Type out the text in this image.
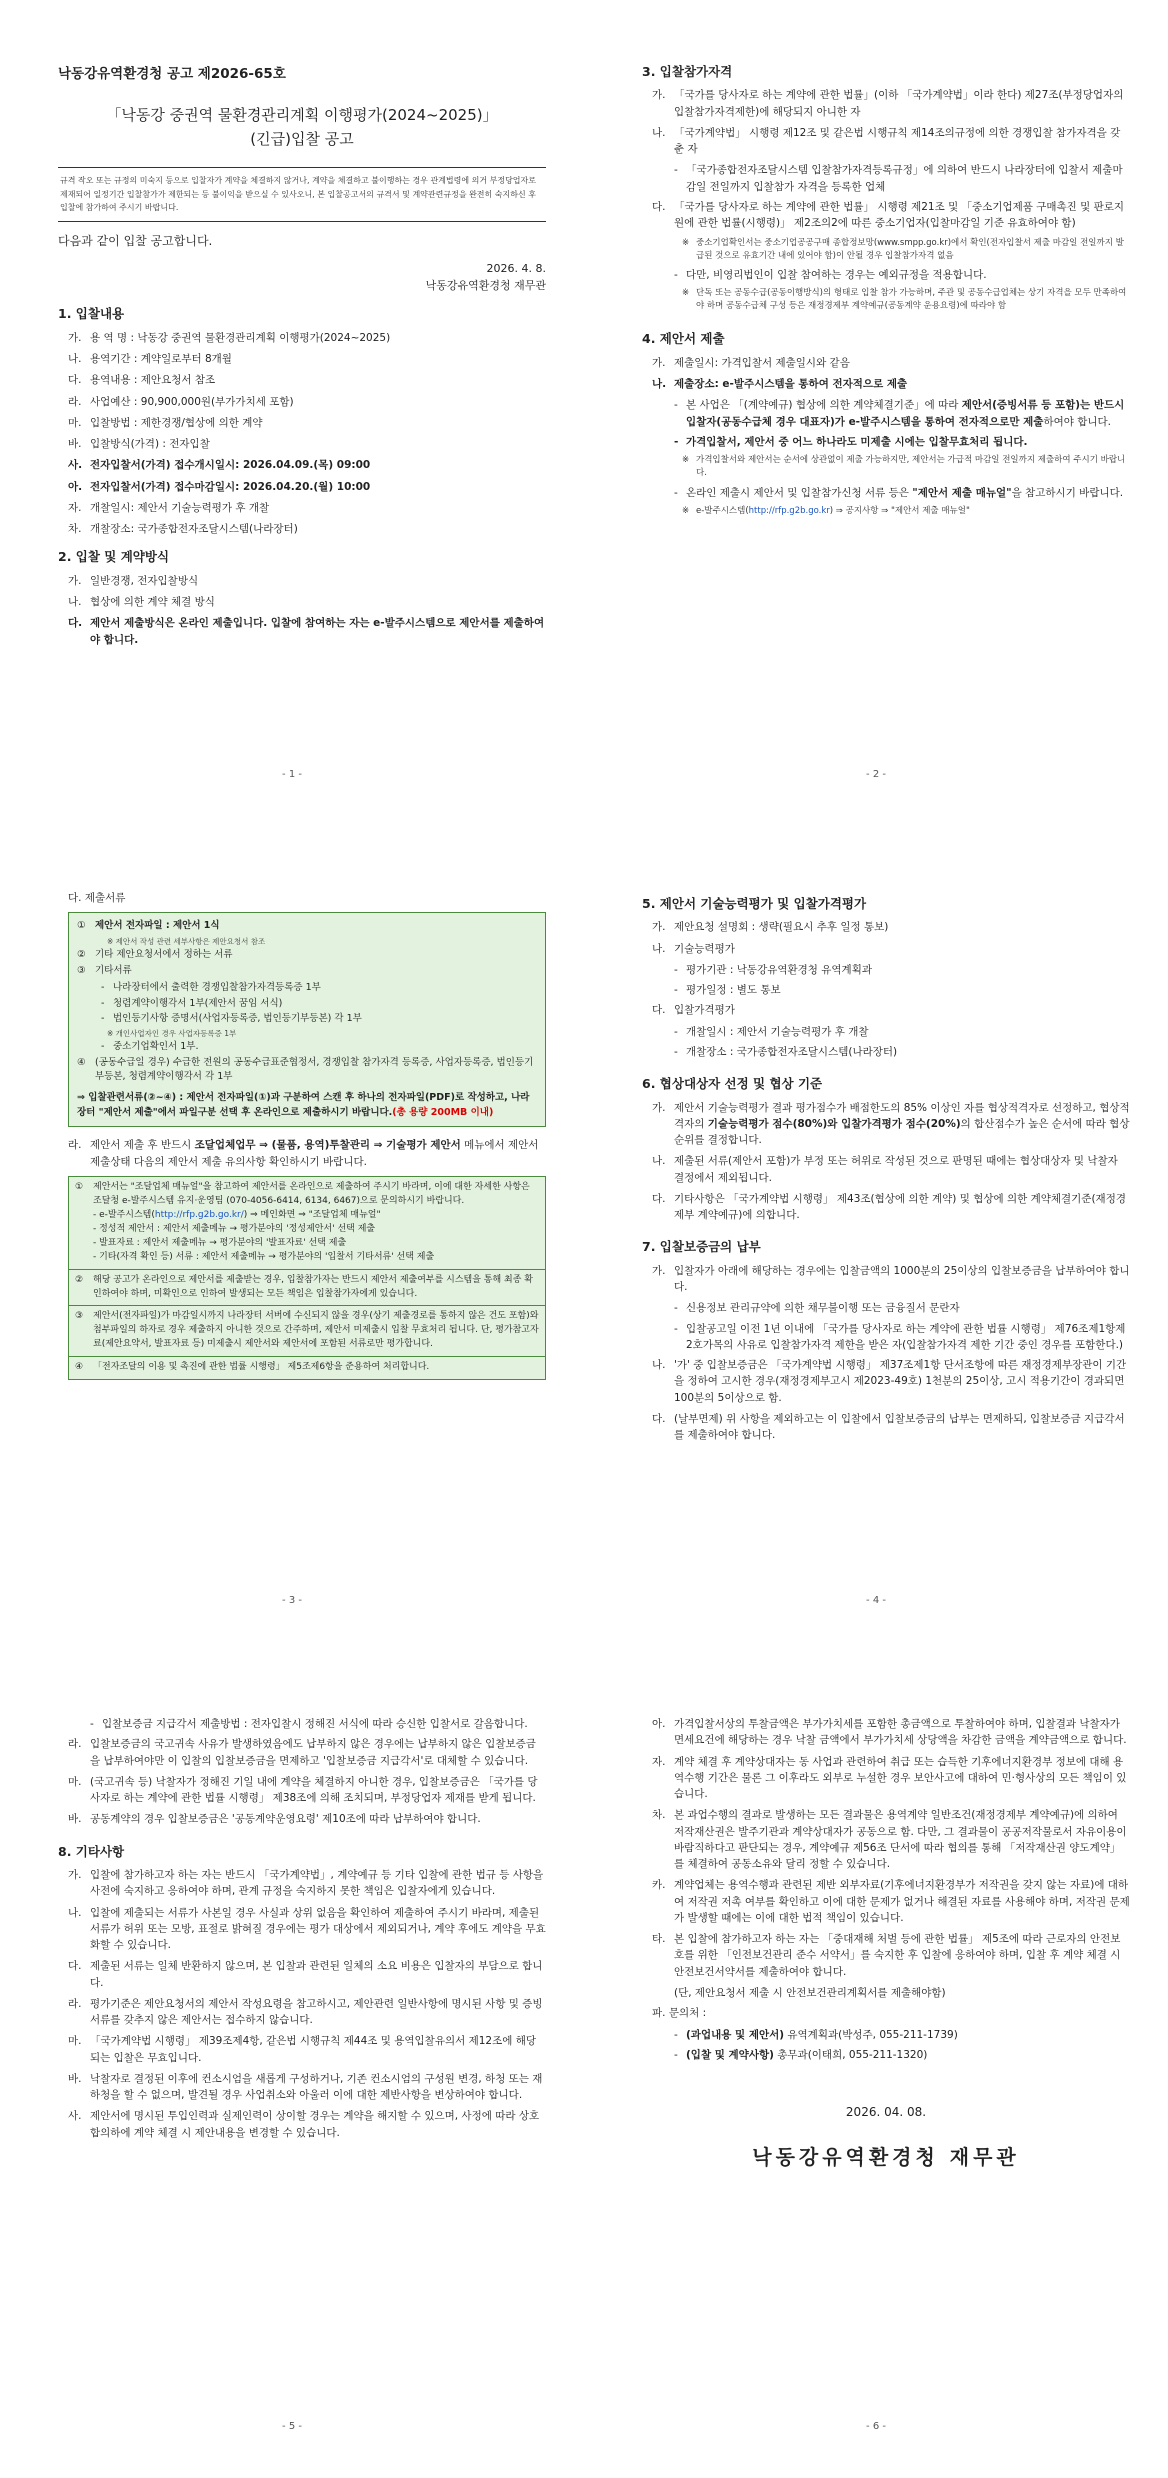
낙동강유역환경청 공고 제2026-65호
「낙동강 중권역 물환경관리계획 이행평가(2024~2025)」
(긴급)입찰 공고
규격 작오 또는 규정의 미숙지 등으로 입찰자가 계약을 체결하지 않거나, 계약을 체결하고 불이행하는 경우 관계법령에 의거 부정당업자로 제재되어 일정기간 입찰참가가 제한되는 등 불이익을 받으실 수 있사오니, 본 입찰공고서의 규격서 및 계약관련규정을 완전히 숙지하신 후 입찰에 참가하여 주시기 바랍니다.
다음과 같이 입찰 공고합니다.
2026. 4. 8.
낙동강유역환경청 재무관
1. 입찰내용
가. 용 역 명 : 낙동강 중권역 물환경관리계획 이행평가(2024~2025)
나. 용역기간 : 계약일로부터 8개월
다. 용역내용 : 제안요청서 참조
라. 사업예산 : 90,900,000원(부가가치세 포함)
마. 입찰방법 : 제한경쟁/협상에 의한 계약
바. 입찰방식(가격) : 전자입찰
사. 전자입찰서(가격) 접수개시일시: 2026.04.09.(목) 09:00
아. 전자입찰서(가격) 접수마감일시: 2026.04.20.(월) 10:00
자. 개찰일시: 제안서 기술능력평가 후 개찰
차. 개찰장소: 국가종합전자조달시스템(나라장터)
2. 입찰 및 계약방식
가. 일반경쟁, 전자입찰방식
나. 협상에 의한 계약 체결 방식
다. 제안서 제출방식은 온라인 제출입니다. 입찰에 참여하는 자는 e-발주시스템으로 제안서를 제출하여야 합니다.
- 1 -
3. 입찰참가자격
가. 「국가를 당사자로 하는 계약에 관한 법률」(이하 「국가계약법」이라 한다) 제27조(부정당업자의 입찰참가자격제한)에 해당되지 아니한 자
나. 「국가계약법」 시행령 제12조 및 같은법 시행규칙 제14조의규정에 의한 경쟁입찰 참가자격을 갖춘 자
- 「국가종합전자조달시스템 입찰참가자격등록규정」에 의하여 반드시 나라장터에 입찰서 제출마감일 전일까지 입찰참가 자격을 등록한 업체
다. 「국가를 당사자로 하는 계약에 관한 법률」 시행령 제21조 및 「중소기업제품 구매촉진 및 판로지원에 관한 법률(시행령)」 제2조의2에 따른 중소기업자(입찰마감일 기준 유효하여야 함)
※ 중소기업확인서는 중소기업공공구매 종합정보망(www.smpp.go.kr)에서 확인(전자입찰서 제출 마감일 전일까지 발급된 것으로 유효기간 내에 있어야 함)이 안될 경우 입찰참가자격 없음
- 다만, 비영리법인이 입찰 참여하는 경우는 예외규정을 적용합니다.
※ 단독 또는 공동수급(공동이행방식)의 형태로 입찰 참가 가능하며, 주관 및 공동수급업체는 상기 자격을 모두 만족하여야 하며 공동수급체 구성 등은 재정경제부 계약예규(공동계약 운용요령)에 따라야 함
4. 제안서 제출
가. 제출일시: 가격입찰서 제출일시와 같음
나. 제출장소: e-발주시스템을 통하여 전자적으로 제출
- 본 사업은 「(계약예규) 협상에 의한 계약체결기준」에 따라 제안서(증빙서류 등 포함)는 반드시 입찰자(공동수급체 경우 대표자)가 e-발주시스템을 통하여 전자적으로만 제출하여야 합니다.
- 가격입찰서, 제안서 중 어느 하나라도 미제출 시에는 입찰무효처리 됩니다.
※ 가격입찰서와 제안서는 순서에 상관없이 제출 가능하지만, 제안서는 가급적 마감일 전일까지 제출하여 주시기 바랍니다.
- 온라인 제출시 제안서 및 입찰참가신청 서류 등은 "제안서 제출 매뉴얼"을 참고하시기 바랍니다.
※ e-발주시스템(http://rfp.g2b.go.kr) ⇒ 공지사항 ⇒ "제안서 제출 매뉴얼"
- 2 -
다. 제출서류
① 제안서 전자파일 : 제안서 1식
※ 제안서 작성 관련 세부사항은 제안요청서 참조
② 기타 제안요청서에서 정하는 서류
③ 기타서류
- 나라장터에서 출력한 경쟁입찰참가자격등록증 1부
- 청렴계약이행각서 1부(제안서 꿈임 서식)
- 법인등기사항 증명서(사업자등록증, 법인등기부등본) 각 1부
※ 개인사업자인 경우 사업자등록증 1부
- 중소기업확인서 1부.
④ (공동수급일 경우) 수급한 전원의 공동수급표준협정서, 경쟁입찰 참가자격 등록증, 사업자등록증, 법인등기부등본, 청렴계약이행각서 각 1부
⇒ 입찰관련서류(②~④) : 제안서 전자파일(①)과 구분하여 스캔 후 하나의 전자파일(PDF)로 작성하고, 나라장터 "제안서 제출"에서 파일구분 선택 후 온라인으로 제출하시기 바랍니다.(총 용량 200MB 이내)
라. 제안서 제출 후 반드시 조달업체업무 ⇒ (물품, 용역)투찰관리 ⇒ 기술평가 제안서 메뉴에서 제안서 제출상태 다음의 제안서 제출 유의사항 확인하시기 바랍니다.
①	제안서는 "조달업체 매뉴얼"을 참고하여 제안서를 온라인으로 제출하여 주시기 바라며, 이에 대한 자세한 사항은 조달청 e-발주시스템 유지·운영팀 (070-4056-6414, 6134, 6467)으로 문의하시기 바랍니다.
- e-발주시스템(http://rfp.g2b.go.kr/) ⇒ 메인화면 ⇒ "조달업체 매뉴얼"
- 정성적 제안서 : 제안서 제출메뉴 → 평가분야의 '정성제안서' 선택 제출
- 발표자료 : 제안서 제출메뉴 → 평가분야의 '발표자료' 선택 제출
- 기타(자격 확인 등) 서류 : 제안서 제출메뉴 → 평가분야의 '입찰서 기타서류' 선택 제출
②	해당 공고가 온라인으로 제안서를 제출받는 경우, 입찰참가자는 반드시 제안서 제출여부를 시스템을 통해 최종 확인하여야 하며, 미확인으로 인하여 발생되는 모든 책임은 입찰참가자에게 있습니다.
③	제안서(전자파일)가 마감일시까지 나라장터 서버에 수신되지 않을 경우(상기 제출경로를 통하지 않은 건도 포함)와 첨부파일의 하자로 경우 제출하지 아니한 것으로 간주하며, 제안서 미제출시 입찰 무효처리 됩니다. 단, 평가참고자료(제안요약서, 발표자료 등) 미제출시 제안서와 제안서에 포함된 서류로만 평가합니다.
④	「전자조달의 이용 및 촉진에 관한 법률 시행령」 제5조제6항을 준용하여 처리합니다.
- 3 -
5. 제안서 기술능력평가 및 입찰가격평가
가. 제안요청 설명회 : 생략(필요시 추후 일정 통보)
나. 기술능력평가
- 평가기관 : 낙동강유역환경청 유역계획과
- 평가일정 : 별도 통보
다. 입찰가격평가
- 개찰일시 : 제안서 기술능력평가 후 개찰
- 개찰장소 : 국가종합전자조달시스템(나라장터)
6. 협상대상자 선정 및 협상 기준
가. 제안서 기술능력평가 결과 평가점수가 배점한도의 85% 이상인 자를 협상적격자로 선정하고, 협상적격자의 기술능력평가 점수(80%)와 입찰가격평가 점수(20%)의 합산점수가 높은 순서에 따라 협상순위를 결정합니다.
나. 제출된 서류(제안서 포함)가 부정 또는 허위로 작성된 것으로 판명된 때에는 협상대상자 및 낙찰자 결정에서 제외됩니다.
다. 기타사항은 「국가계약법 시행령」 제43조(협상에 의한 계약) 및 협상에 의한 계약체결기준(재정경제부 계약예규)에 의합니다.
7. 입찰보증금의 납부
가. 입찰자가 아래에 해당하는 경우에는 입찰금액의 1000분의 25이상의 입찰보증금을 납부하여야 합니다.
- 신용정보 관리규약에 의한 채무불이행 또는 금융질서 문란자
- 입찰공고일 이전 1년 이내에 「국가를 당사자로 하는 계약에 관한 법률 시행령」 제76조제1항제2호가목의 사유로 입찰참가자격 제한을 받은 자(입찰참가자격 제한 기간 중인 경우를 포함한다.)
나. '가' 중 입찰보증금은 「국가계약법 시행령」 제37조제1항 단서조항에 따른 재정경제부장관이 기간을 정하여 고시한 경우(재정경제부고시 제2023-49호) 1천분의 25이상, 고시 적용기간이 경과되면 100분의 5이상으로 함.
다. (날부면제) 위 사항을 제외하고는 이 입찰에서 입찰보증금의 납부는 면제하되, 입찰보증금 지급각서를 제출하여야 합니다.
- 4 -
- 입찰보증금 지급각서 제출방법 : 전자입찰시 정해진 서식에 따라 승신한 입찰서로 갈음합니다.
라. 입찰보증금의 국고귀속 사유가 발생하였음에도 납부하지 않은 경우에는 납부하지 않은 입찰보증금을 납부하여야만 이 입찰의 입찰보증금을 면제하고 '입찰보증금 지급각서'로 대체할 수 있습니다.
마. (국고귀속 등) 낙찰자가 정해진 기일 내에 계약을 체결하지 아니한 경우, 입찰보증금은 「국가를 당사자로 하는 계약에 관한 법률 시행령」 제38조에 의해 조치되며, 부정당업자 제재를 받게 됩니다.
바. 공동계약의 경우 입찰보증금은 '공동계약운영요령' 제10조에 따라 납부하여야 합니다.
8. 기타사항
가. 입찰에 참가하고자 하는 자는 반드시 「국가계약법」, 계약예규 등 기타 입찰에 관한 법규 등 사항을 사전에 숙지하고 응하여야 하며, 관계 규정을 숙지하지 못한 책임은 입찰자에게 있습니다.
나. 입찰에 제출되는 서류가 사본일 경우 사실과 상위 없음을 확인하여 제출하여 주시기 바라며, 제출된 서류가 허위 또는 모방, 표절로 밝혀질 경우에는 평가 대상에서 제외되거나, 계약 후에도 계약을 무효화할 수 있습니다.
다. 제출된 서류는 일체 반환하지 않으며, 본 입찰과 관련된 일체의 소요 비용은 입찰자의 부담으로 합니다.
라. 평가기준은 제안요청서의 제안서 작성요령을 참고하시고, 제안관련 일반사항에 명시된 사항 및 증빙서류를 갖추지 않은 제안서는 접수하지 않습니다.
마. 「국가계약법 시행령」 제39조제4항, 같은법 시행규칙 제44조 및 용역입찰유의서 제12조에 해당되는 입찰은 무효입니다.
바. 낙찰자로 결정된 이후에 컨소시엄을 새롭게 구성하거나, 기존 컨소시엄의 구성원 변경, 하청 또는 재하청을 할 수 없으며, 발견될 경우 사업취소와 아울러 이에 대한 제반사항을 변상하여야 합니다.
사. 제안서에 명시된 투입인력과 실제인력이 상이할 경우는 계약을 해지할 수 있으며, 사정에 따라 상호합의하에 계약 체결 시 제안내용을 변경할 수 있습니다.
- 5 -
아. 가격입찰서상의 투찰금액은 부가가치세를 포함한 총금액으로 투찰하여야 하며, 입찰결과 낙찰자가 면세요건에 해당하는 경우 낙찰 금액에서 부가가치세 상당액을 차감한 금액을 계약금액으로 합니다.
자. 계약 체결 후 계약상대자는 동 사업과 관련하여 취급 또는 습득한 기후에너지환경부 정보에 대해 용역수행 기간은 물론 그 이후라도 외부로 누설한 경우 보안사고에 대하여 민·형사상의 모든 책임이 있습니다.
차. 본 과업수행의 결과로 발생하는 모든 결과물은 용역계약 일반조건(재정경제부 계약예규)에 의하여 저작재산권은 발주기관과 계약상대자가 공동으로 함. 다만, 그 결과물이 공공저작물로서 자유이용이 바람직하다고 판단되는 경우, 계약예규 제56조 단서에 따라 협의를 통해 「저작재산권 양도계약」를 체결하여 공동소유와 달리 정할 수 있습니다.
카. 계약업체는 용역수행과 관련된 제반 외부자료(기후에너지환경부가 저작권을 갖지 않는 자료)에 대하여 저작권 저촉 여부를 확인하고 이에 대한 문제가 없거나 해결된 자료를 사용해야 하며, 저작권 문제가 발생할 때에는 이에 대한 법적 책임이 있습니다.
타. 본 입찰에 참가하고자 하는 자는 「중대재해 처벌 등에 관한 법률」 제5조에 따라 근로자의 안전보호를 위한 「인전보건관리 준수 서약서」를 숙지한 후 입찰에 응하여야 하며, 입찰 후 계약 체결 시 안전보건서약서를 제출하여야 합니다.
(단, 제안요청서 제출 시 안전보건관리계획서를 제출해야함)
파. 문의처 :
- (과업내용 및 제안서) 유역계획과(박성주, 055-211-1739)
- (입찰 및 계약사항) 총무과(이태희, 055-211-1320)
2026. 04. 08.
낙동강유역환경청 재무관
- 6 -
